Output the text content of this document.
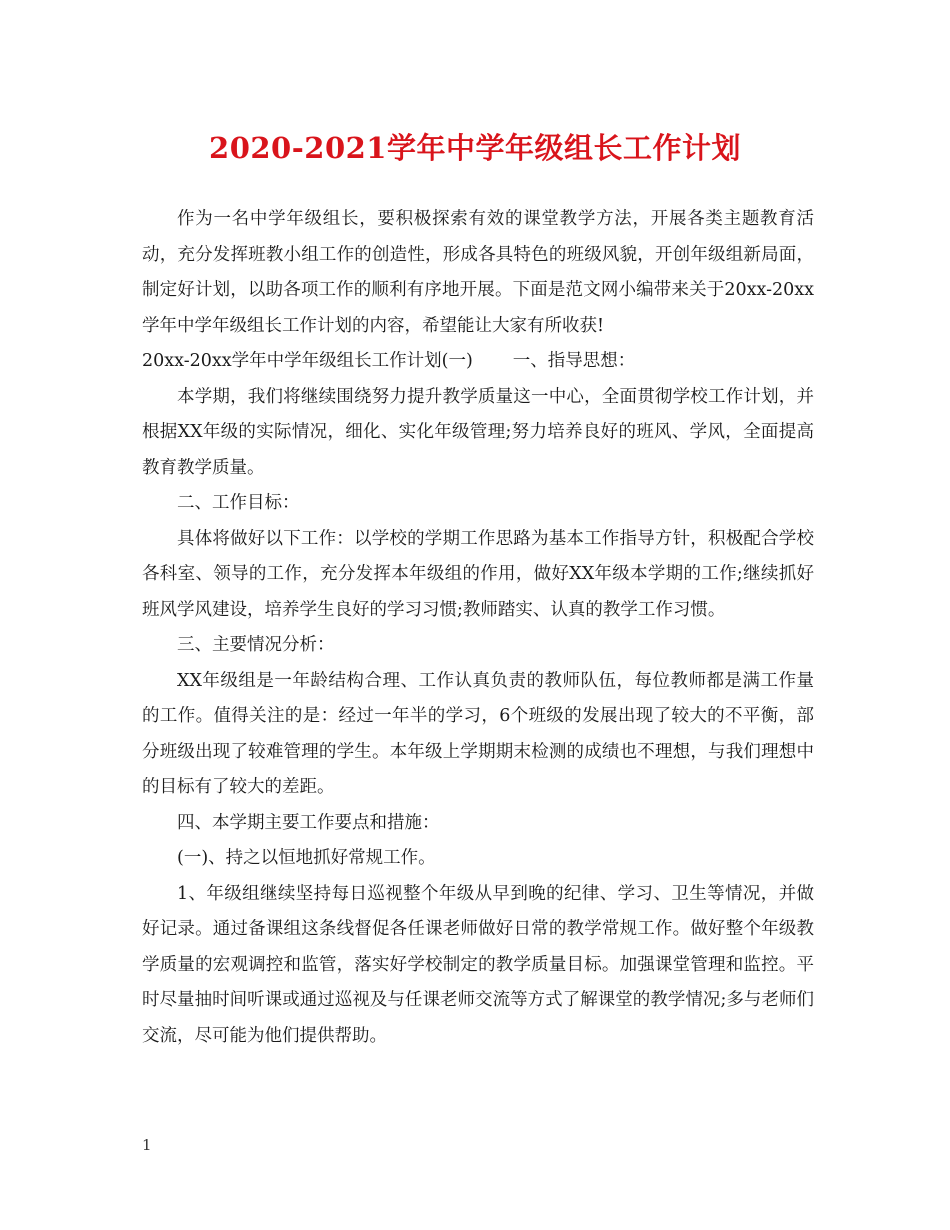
2020-2021学年中学年级组长工作计划

作为一名中学年级组长，要积极探索有效的课堂教学方法，开展各类主题教育活动，充分发挥班教小组工作的创造性，形成各具特色的班级风貌，开创年级组新局面，制定好计划，以助各项工作的顺利有序地开展。下面是范文网小编带来关于20xx-20xx学年中学年级组长工作计划的内容，希望能让大家有所收获!

20xx-20xx学年中学年级组长工作计划(一) 一、指导思想：

本学期，我们将继续围绕努力提升教学质量这一中心，全面贯彻学校工作计划，并根据XX年级的实际情况，细化、实化年级管理;努力培养良好的班风、学风，全面提高教育教学质量。

二、工作目标：

具体将做好以下工作：以学校的学期工作思路为基本工作指导方针，积极配合学校各科室、领导的工作，充分发挥本年级组的作用，做好XX年级本学期的工作;继续抓好班风学风建设，培养学生良好的学习习惯;教师踏实、认真的教学工作习惯。

三、主要情况分析：

XX年级组是一年龄结构合理、工作认真负责的教师队伍，每位教师都是满工作量的工作。值得关注的是：经过一年半的学习，6个班级的发展出现了较大的不平衡，部分班级出现了较难管理的学生。本年级上学期期末检测的成绩也不理想，与我们理想中的目标有了较大的差距。

四、本学期主要工作要点和措施：

(一)、持之以恒地抓好常规工作。

1、年级组继续坚持每日巡视整个年级从早到晚的纪律、学习、卫生等情况，并做好记录。通过备课组这条线督促各任课老师做好日常的教学常规工作。做好整个年级教学质量的宏观调控和监管，落实好学校制定的教学质量目标。加强课堂管理和监控。平时尽量抽时间听课或通过巡视及与任课老师交流等方式了解课堂的教学情况;多与老师们交流，尽可能为他们提供帮助。

1
